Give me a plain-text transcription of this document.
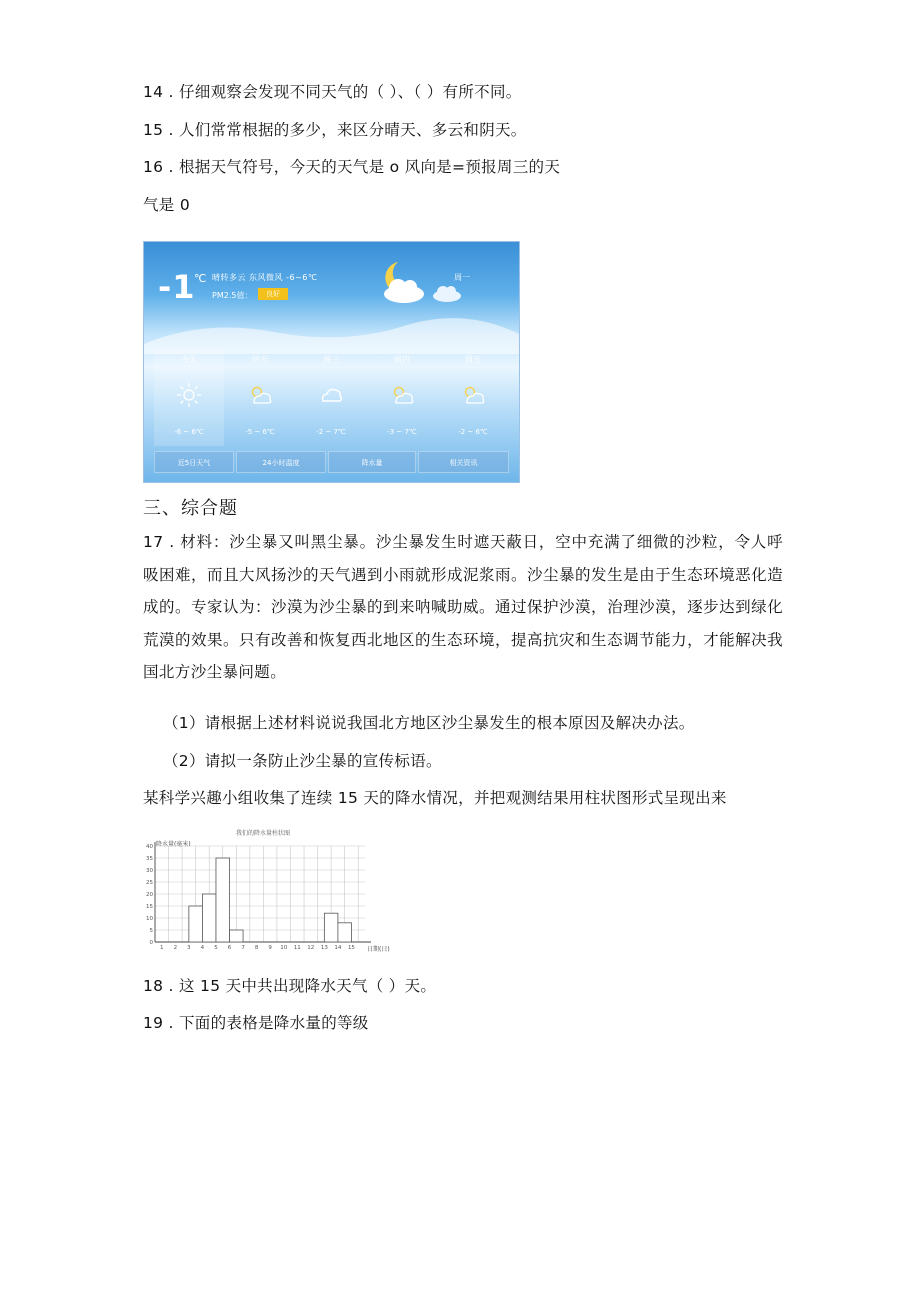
14 . 仔细观察会发现不同天气的（ ）、（ ）有所不同。
15 . 人们常常根据的多少，来区分晴天、多云和阴天。
16 . 根据天气符号，今天的天气是 o 风向是=预报周三的天
气是 0
-1
℃ 晴转多云 东风微风 -6~6℃
PM2.5值：	良好
周一
今天
-6 ~ 6℃
明天
-5 ~ 6℃
周三
-2 ~ 7℃
周四
-3 ~ 7℃
周五
-2 ~ 6℃
近5日天气	24小时温度	降水量	相关资讯
三、综合题
17 . 材料：沙尘暴又叫黑尘暴。沙尘暴发生时遮天蔽日，空中充满了细微的沙粒，令人呼吸困难，而且大风扬沙的天气遇到小雨就形成泥浆雨。沙尘暴的发生是由于生态环境恶化造成的。专家认为：沙漠为沙尘暴的到来呐喊助威。通过保护沙漠，治理沙漠，逐步达到绿化荒漠的效果。只有改善和恢复西北地区的生态环境，提高抗灾和生态调节能力，才能解决我国北方沙尘暴问题。
（1）请根据上述材料说说我国北方地区沙尘暴发生的根本原因及解决办法。
（2）请拟一条防止沙尘暴的宣传标语。
某科学兴趣小组收集了连续 15 天的降水情况，并把观测结果用柱状图形式呈现出来
我们的降水量柱状图
降水量(毫米)
日期(日)
0
5
10
15
20
25
30
35
40
1 2 3 4 5 6 7 8 9 10 11 12 13 14 15
18 . 这 15 天中共出现降水天气（ ）天。
19 . 下面的表格是降水量的等级
